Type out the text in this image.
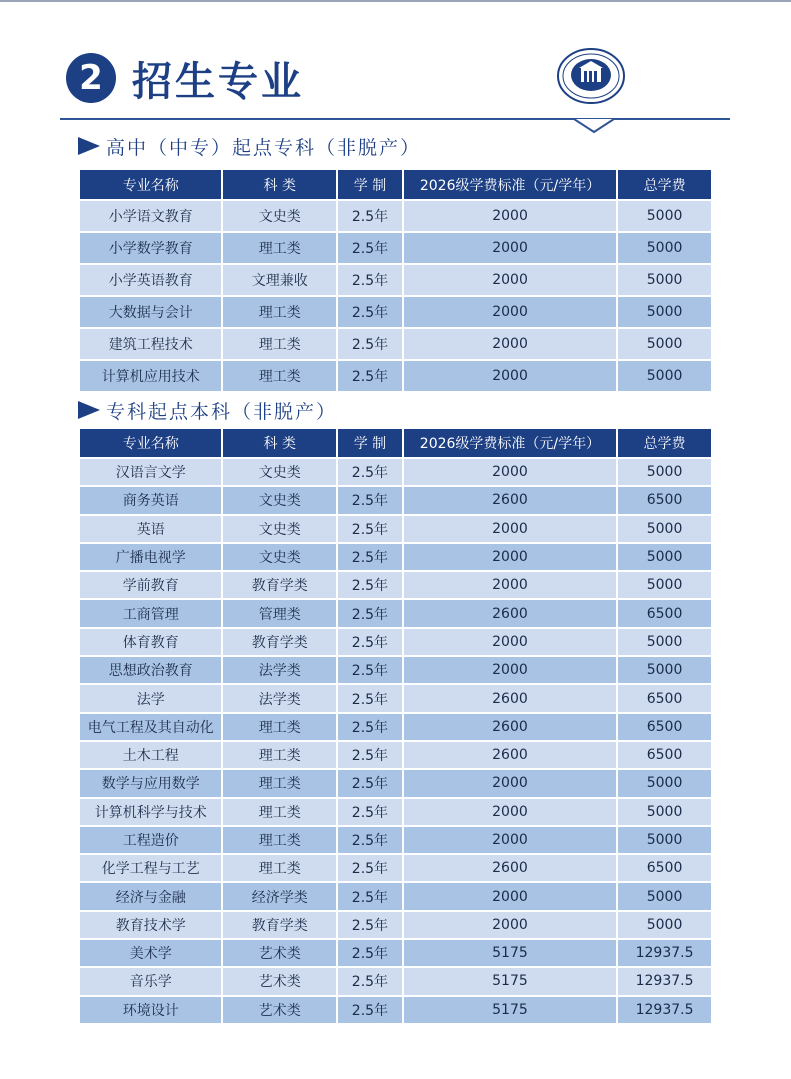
2 招生专业
高中（中专）起点专科（非脱产）
专业名称	科 类	学 制	2026级学费标准（元/学年）	总学费
小学语文教育	文史类	2.5年	2000	5000
小学数学教育	理工类	2.5年	2000	5000
小学英语教育	文理兼收	2.5年	2000	5000
大数据与会计	理工类	2.5年	2000	5000
建筑工程技术	理工类	2.5年	2000	5000
计算机应用技术	理工类	2.5年	2000	5000
专科起点本科（非脱产）
专业名称	科 类	学 制	2026级学费标准（元/学年）	总学费
汉语言文学	文史类	2.5年	2000	5000
商务英语	文史类	2.5年	2600	6500
英语	文史类	2.5年	2000	5000
广播电视学	文史类	2.5年	2000	5000
学前教育	教育学类	2.5年	2000	5000
工商管理	管理类	2.5年	2600	6500
体育教育	教育学类	2.5年	2000	5000
思想政治教育	法学类	2.5年	2000	5000
法学	法学类	2.5年	2600	6500
电气工程及其自动化	理工类	2.5年	2600	6500
土木工程	理工类	2.5年	2600	6500
数学与应用数学	理工类	2.5年	2000	5000
计算机科学与技术	理工类	2.5年	2000	5000
工程造价	理工类	2.5年	2000	5000
化学工程与工艺	理工类	2.5年	2600	6500
经济与金融	经济学类	2.5年	2000	5000
教育技术学	教育学类	2.5年	2000	5000
美术学	艺术类	2.5年	5175	12937.5
音乐学	艺术类	2.5年	5175	12937.5
环境设计	艺术类	2.5年	5175	12937.5
